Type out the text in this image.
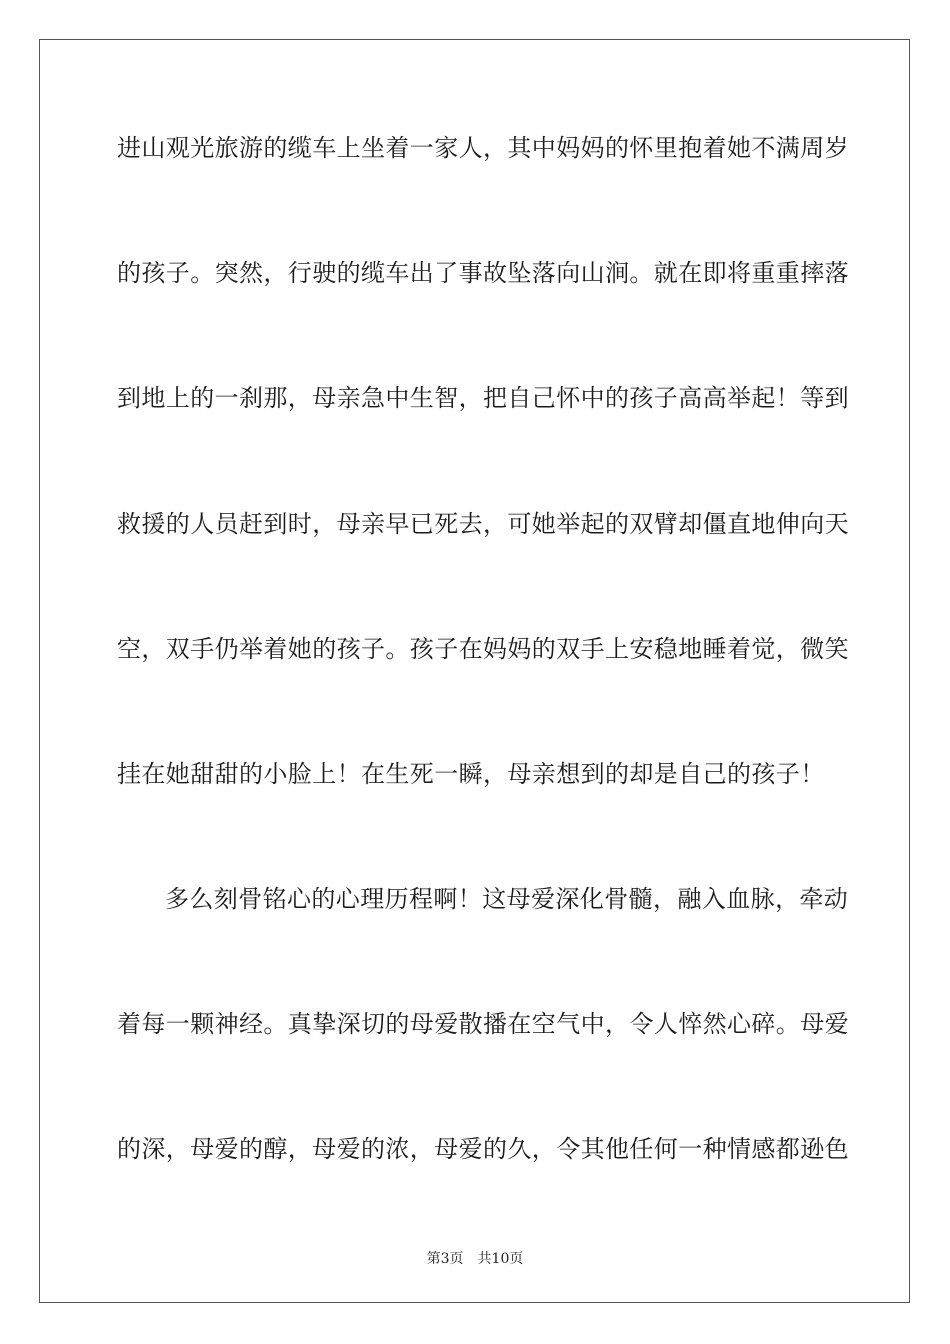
进山观光旅游的缆车上坐着一家人，其中妈妈的怀里抱着她不满周岁
的孩子。突然，行驶的缆车出了事故坠落向山涧。就在即将重重摔落
到地上的一刹那，母亲急中生智，把自己怀中的孩子高高举起！等到
救援的人员赶到时，母亲早已死去，可她举起的双臂却僵直地伸向天
空，双手仍举着她的孩子。孩子在妈妈的双手上安稳地睡着觉，微笑
挂在她甜甜的小脸上！在生死一瞬，母亲想到的却是自己的孩子！
多么刻骨铭心的心理历程啊！这母爱深化骨髓，融入血脉，牵动
着每一颗神经。真挚深切的母爱散播在空气中，令人悴然心碎。母爱
的深，母爱的醇，母爱的浓，母爱的久，令其他任何一种情感都逊色
第3页 共10页
